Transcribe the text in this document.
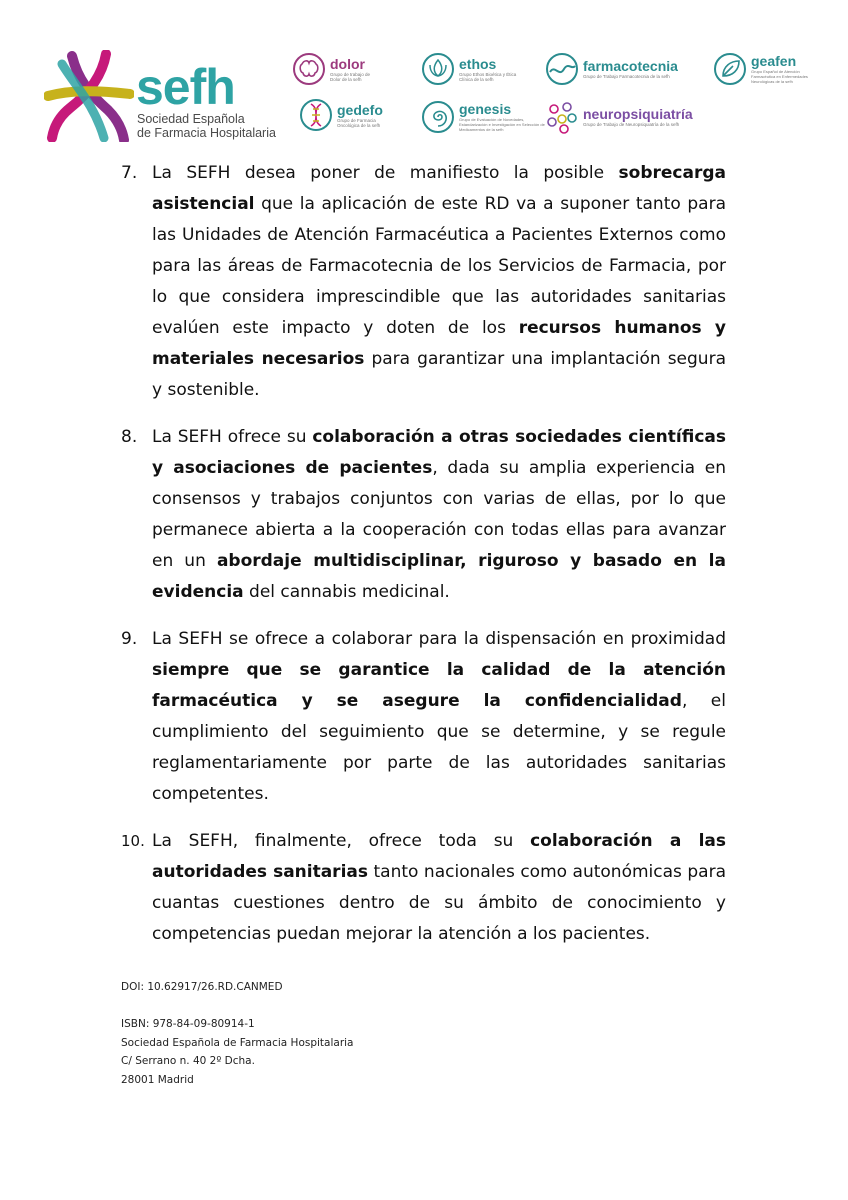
sefh
Sociedad Española
de Farmacia Hospitalaria
dolor
Grupo de trabajo de Dolor de la sefh
ethos
Grupo Ethos Bioética y Ética Clínica de la sefh
farmacotecnia
Grupo de Trabajo Farmacotecnia de la sefh
geafen
Grupo Español de Atención Farmacéutica en Enfermedades Neurológicas de la sefh
gedefo
Grupo de Farmacia Oncológica de la sefh
genesis
Grupo de Evaluación de Novedades, Estandarización e Investigación en Selección de Medicamentos de la sefh
neuropsiquiatría
Grupo de Trabajo de Neuropsiquiatría de la sefh
7. La SEFH desea poner de manifiesto la posible sobrecarga asistencial que la aplicación de este RD va a suponer tanto para las Unidades de Atención Farmacéutica a Pacientes Externos como para las áreas de Farmacotecnia de los Servicios de Farmacia, por lo que considera imprescindible que las autoridades sanitarias evalúen este impacto y doten de los recursos humanos y materiales necesarios para garantizar una implantación segura y sostenible.
8. La SEFH ofrece su colaboración a otras sociedades científicas y asociaciones de pacientes, dada su amplia experiencia en consensos y trabajos conjuntos con varias de ellas, por lo que permanece abierta a la cooperación con todas ellas para avanzar en un abordaje multidisciplinar, riguroso y basado en la evidencia del cannabis medicinal.
9. La SEFH se ofrece a colaborar para la dispensación en proximidad siempre que se garantice la calidad de la atención farmacéutica y se asegure la confidencialidad, el cumplimiento del seguimiento que se determine, y se regule reglamentariamente por parte de las autoridades sanitarias competentes.
10. La SEFH, finalmente, ofrece toda su colaboración a las autoridades sanitarias tanto nacionales como autonómicas para cuantas cuestiones dentro de su ámbito de conocimiento y competencias puedan mejorar la atención a los pacientes.
DOI: 10.62917/26.RD.CANMED
ISBN: 978-84-09-80914-1
Sociedad Española de Farmacia Hospitalaria
C/ Serrano n. 40 2º Dcha.
28001 Madrid
